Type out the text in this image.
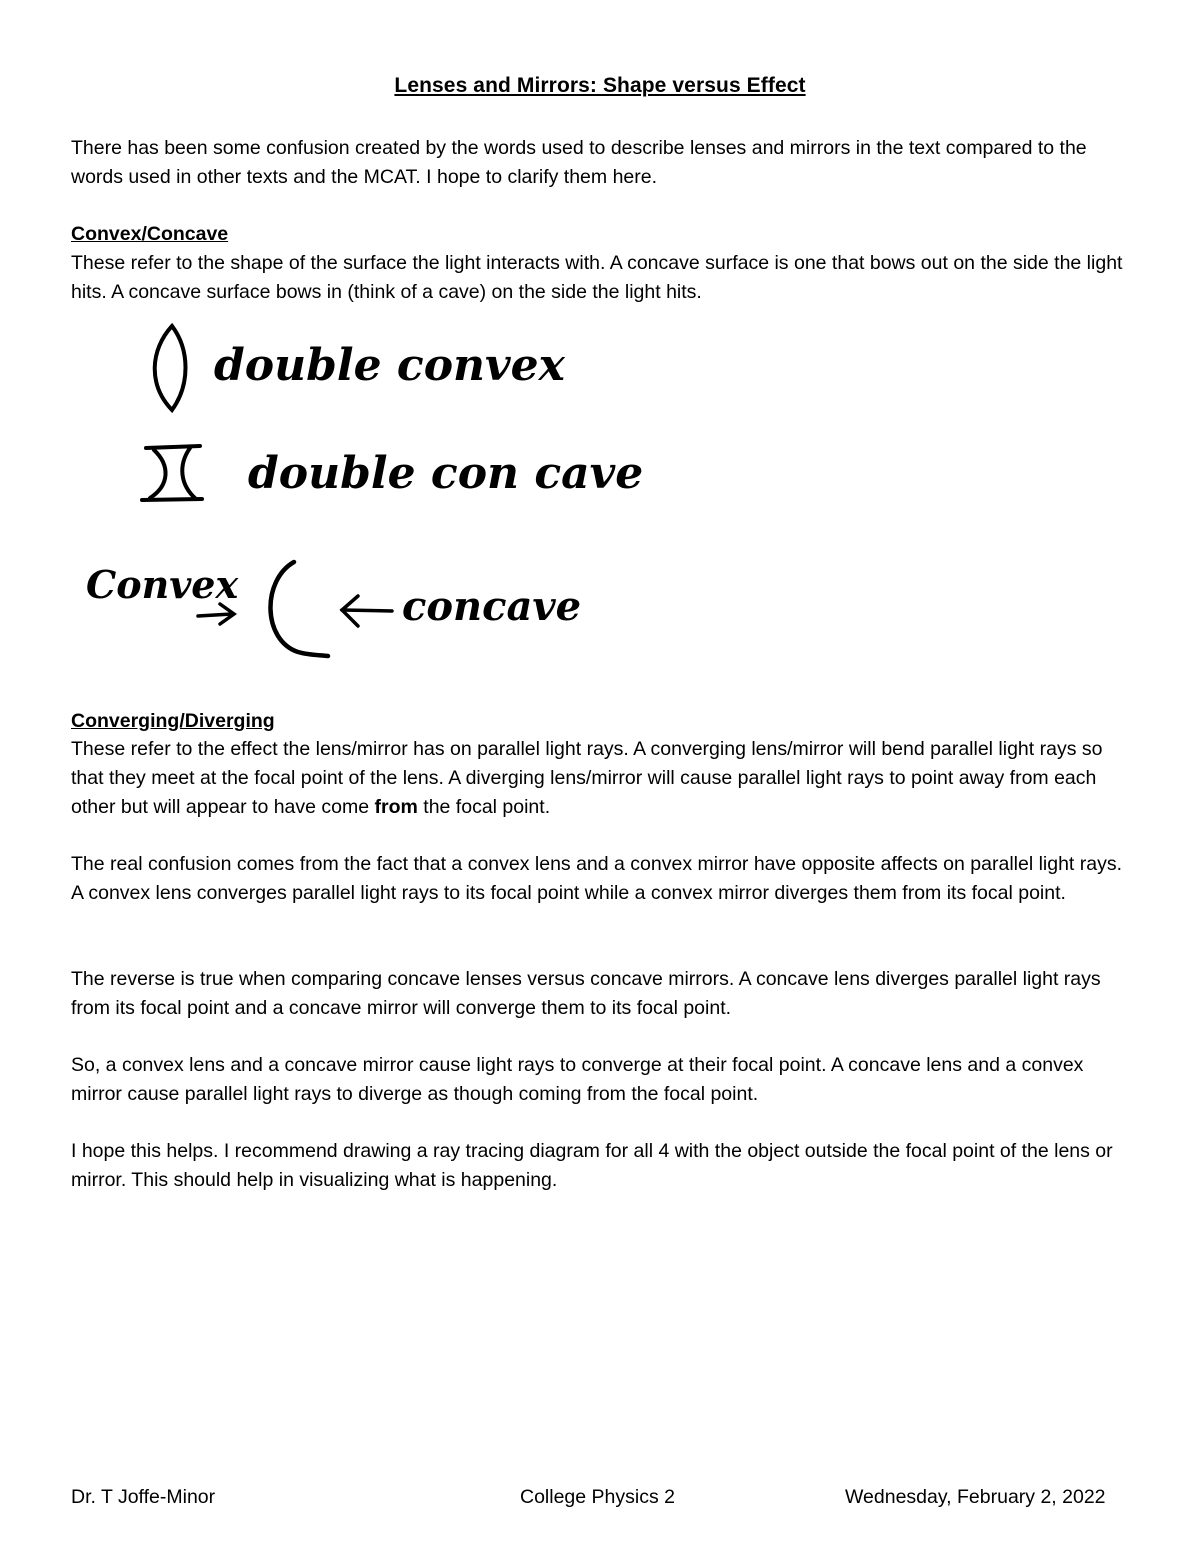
Lenses and Mirrors: Shape versus Effect

There has been some confusion created by the words used to describe lenses and mirrors in the text compared to the words used in other texts and the MCAT. I hope to clarify them here.

Convex/Concave

These refer to the shape of the surface the light interacts with. A concave surface is one that bows out on the side the light hits. A concave surface bows in (think of a cave) on the side the light hits.

double convex
double con cave
Convex	concave
Converging/Diverging

These refer to the effect the lens/mirror has on parallel light rays. A converging lens/mirror will bend parallel light rays so that they meet at the focal point of the lens. A diverging lens/mirror will cause parallel light rays to point away from each other but will appear to have come from the focal point.

The real confusion comes from the fact that a convex lens and a convex mirror have opposite affects on parallel light rays. A convex lens converges parallel light rays to its focal point while a convex mirror diverges them from its focal point.

The reverse is true when comparing concave lenses versus concave mirrors. A concave lens diverges parallel light rays from its focal point and a concave mirror will converge them to its focal point.

So, a convex lens and a concave mirror cause light rays to converge at their focal point. A concave lens and a convex mirror cause parallel light rays to diverge as though coming from the focal point.

I hope this helps. I recommend drawing a ray tracing diagram for all 4 with the object outside the focal point of the lens or mirror. This should help in visualizing what is happening.

Dr. T Joffe-Minor	College Physics 2	Wednesday, February 2, 2022
